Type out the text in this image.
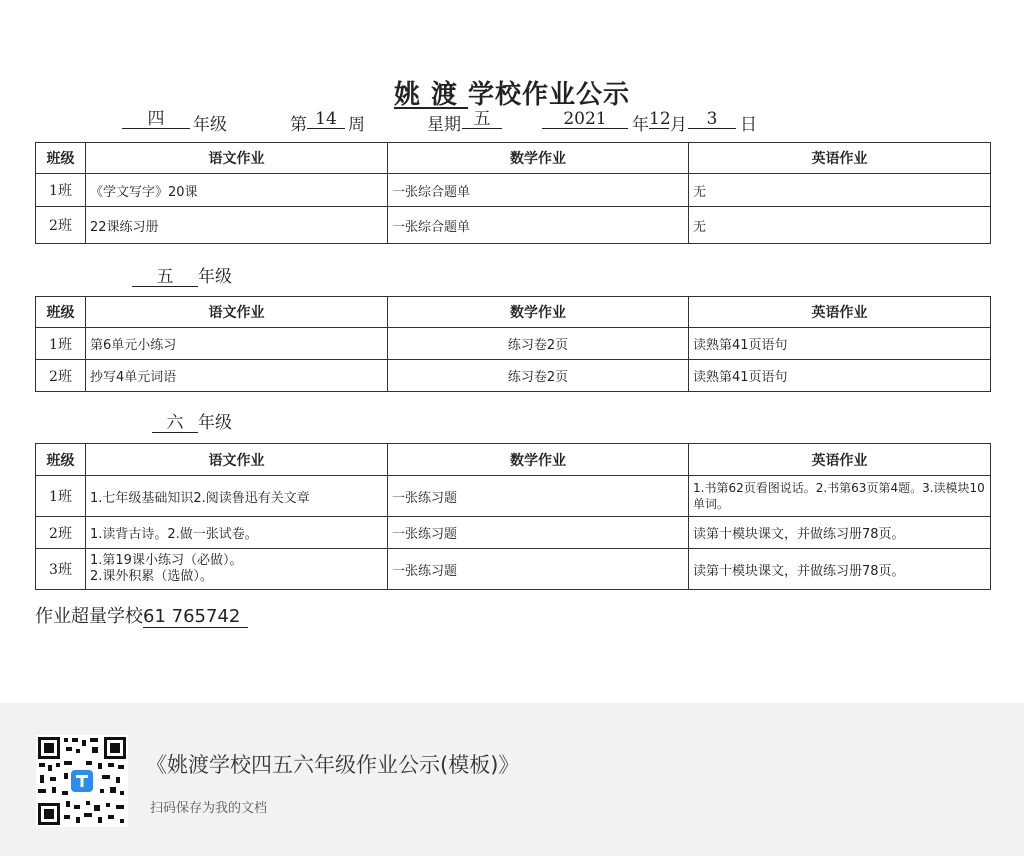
姚 渡 学校作业公示
四	年级	第 14 周	星期 五	2021	年 12 月	3	日
班级	语文作业	数学作业	英语作业
1班	《学文写字》20课	一张综合题单	无
2班	22课练习册	一张综合题单	无
五 年级
班级	语文作业	数学作业	英语作业
1班	第6单元小练习	练习卷2页	读熟第41页语句
2班	抄写4单元词语	练习卷2页	读熟第41页语句
六 年级
班级	语文作业	数学作业	英语作业
1班	1.七年级基础知识2.阅读鲁迅有关文章	一张练习题	1.书第62页看图说话。2.书第63页第4题。3.读模块10单词。
2班	1.读背古诗。2.做一张试卷。	一张练习题	读第十模块课文，并做练习册78页。
3班	1.第19课小练习（必做）。
2.课外积累（选做）。	一张练习题	读第十模块课文，并做练习册78页。
作业超量学校61 765742
《姚渡学校四五六年级作业公示(模板)》
扫码保存为我的文档
